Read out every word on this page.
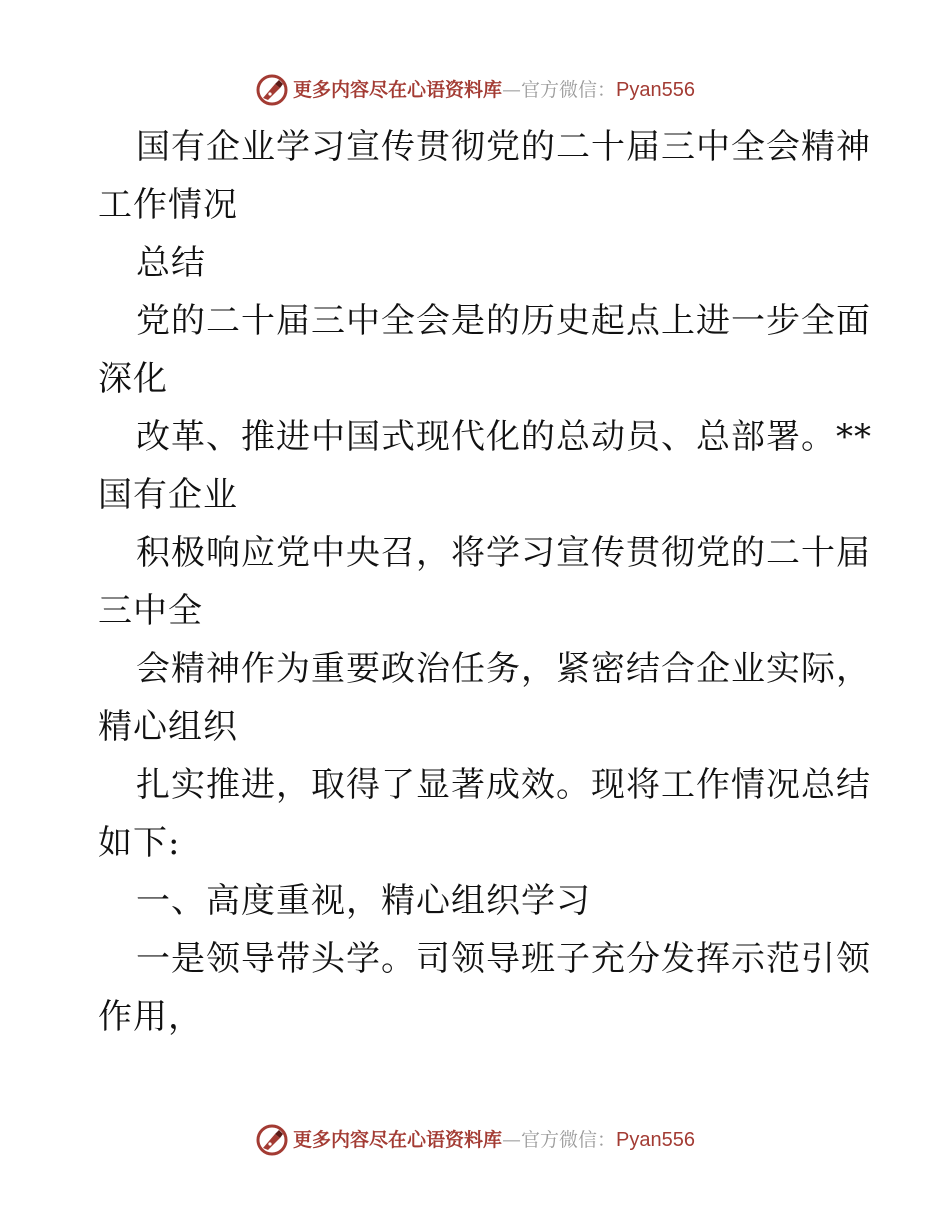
更多内容尽在心语资料库 — 官方微信： Pyan556
国有企业学习宣传贯彻党的二十届三中全会精神
工作情况
总结
党的二十届三中全会是的历史起点上进一步全面
深化
改革、推进中国式现代化的总动员、总部署。**
国有企业
积极响应党中央召，将学习宣传贯彻党的二十届
三中全
会精神作为重要政治任务，紧密结合企业实际，
精心组织
扎实推进，取得了显著成效。现将工作情况总结
如下:
一、高度重视，精心组织学习
一是领导带头学。司领导班子充分发挥示范引领
作用，
更多内容尽在心语资料库 — 官方微信： Pyan556
